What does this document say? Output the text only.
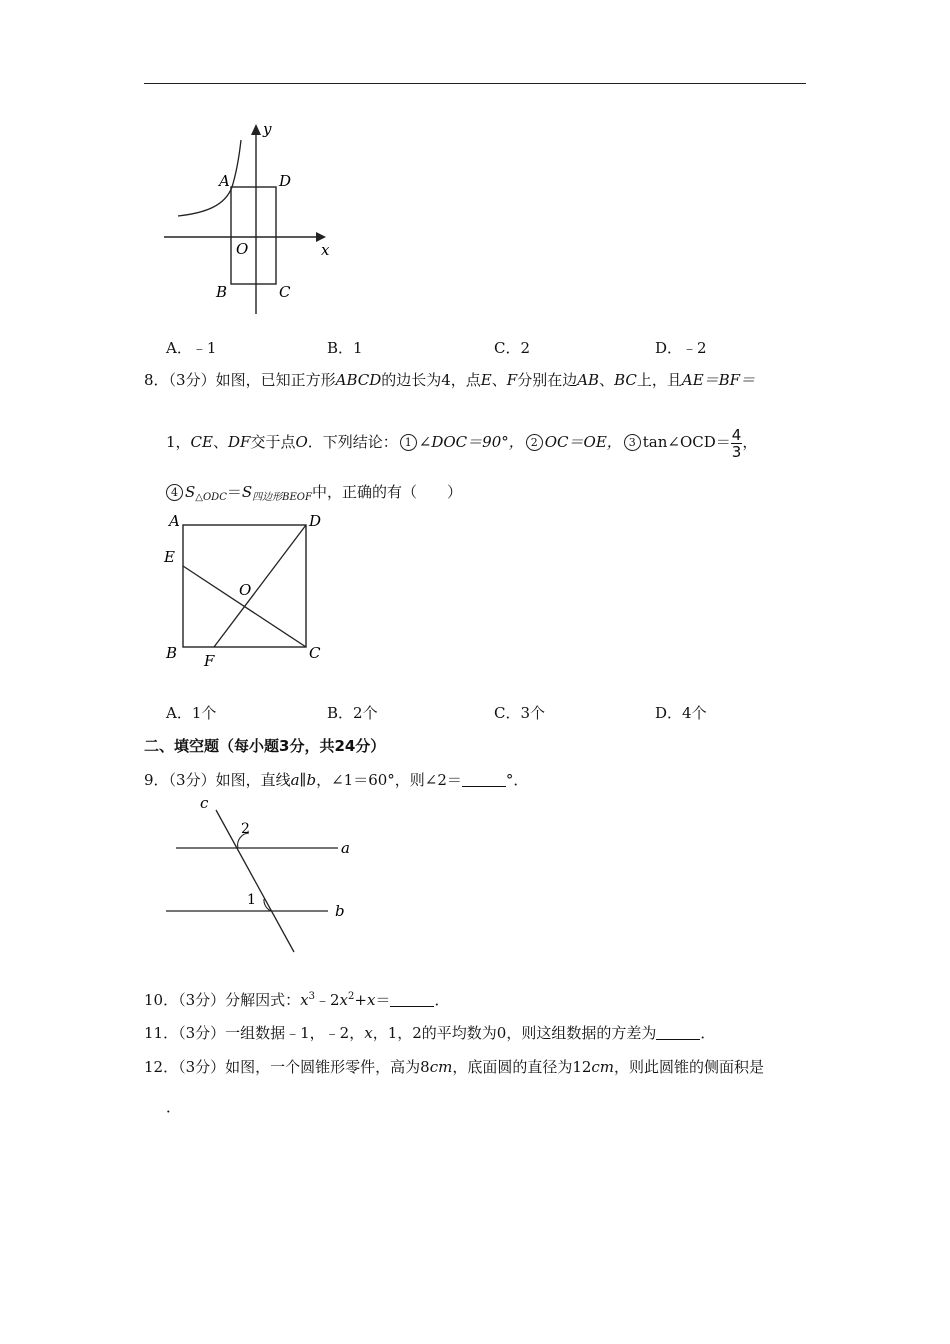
y
x
A	D
O
B	C
A．﹣1	B．1	C．2	D．﹣2
8．（3分）如图，已知正方形ABCD的边长为4，点E、F分别在边AB、BC上，且AE＝BF＝
1，CE、DF交于点O．下列结论： 1 ∠DOC＝90°， 2 OC＝OE， 3 tan∠OCD＝ $\frac{4}{3}$ ，
4 $S_{\triangle ODC}=S_{四边形BEOF}$中，正确的有（　　）
A	D
E
O
B F	C
A．1个	B．2个	C．3个	D．4个
二、填空题（每小题3分，共24分）
9．（3分）如图，直线a∥b，∠1＝60°，则∠2＝	°．
c
2
a
1
b
10．（3分）分解因式：$x^3﹣2x^2+x=$	．
11．（3分）一组数据﹣1，﹣2，x，1，2的平均数为0，则这组数据的方差为	．
12．（3分）如图，一个圆锥形零件，高为8cm，底面圆的直径为12cm，则此圆锥的侧面积是
．
